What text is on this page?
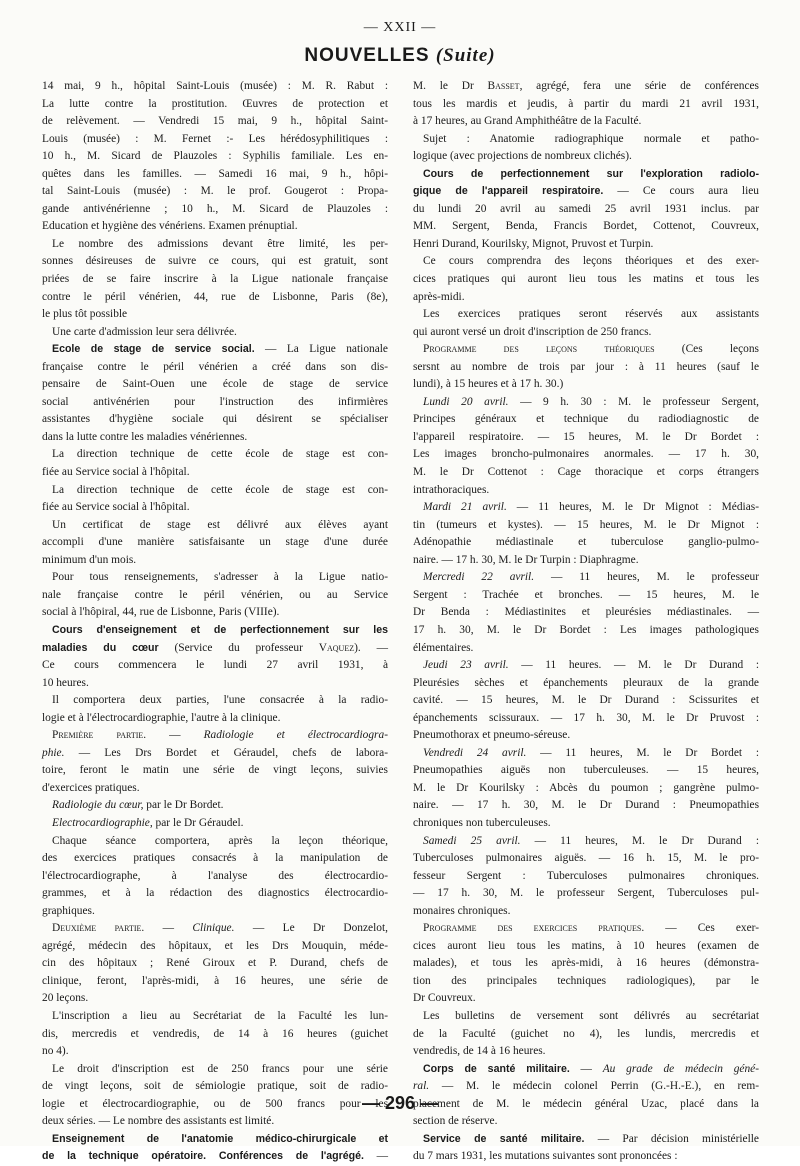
— XXII —
NOUVELLES (Suite)
14 mai, 9 h., hôpital Saint-Louis (musée) : M. R. Rabut :
La lutte contre la prostitution. Œuvres de protection et
de relèvement. — Vendredi 15 mai, 9 h., hôpital Saint-
Louis (musée) : M. Fernet :- Les hérédosyphilitiques :
10 h., M. Sicard de Plauzoles : Syphilis familiale. Les en-
quêtes dans les familles. — Samedi 16 mai, 9 h., hôpi-
tal Saint-Louis (musée) : M. le prof. Gougerot : Propa-
gande antivénérienne ; 10 h., M. Sicard de Plauzoles :
Education et hygiène des vénériens. Examen prénuptial.
Le nombre des admissions devant être limité, les per-
sonnes désireuses de suivre ce cours, qui est gratuit, sont
priées de se faire inscrire à la Ligue nationale française
contre le péril vénérien, 44, rue de Lisbonne, Paris (8e),
le plus tôt possible
Une carte d'admission leur sera délivrée.
Ecole de stage de service social. — La Ligue nationale
française contre le péril vénérien a créé dans son dis-
pensaire de Saint-Ouen une école de stage de service
social antivénérien pour l'instruction des infirmières
assistantes d'hygiène sociale qui désirent se spécialiser
dans la lutte contre les maladies vénériennes.
La direction technique de cette école de stage est con-
fiée au Service social à l'hôpital.
La direction technique de cette école de stage est con-
fiée au Service social à l'hôpital.
Un certificat de stage est délivré aux élèves ayant
accompli d'une manière satisfaisante un stage d'une durée
minimum d'un mois.
Pour tous renseignements, s'adresser à la Ligue natio-
nale française contre le péril vénérien, ou au Service
social à l'hôpiral, 44, rue de Lisbonne, Paris (VIIIe).
Cours d'enseignement et de perfectionnement sur les
maladies du cœur (Service du professeur Vaquez). —
Ce cours commencera le lundi 27 avril 1931, à
10 heures.
Il comportera deux parties, l'une consacrée à la radio-
logie et à l'électrocardiographie, l'autre à la clinique.
Première partie. — Radiologie et électrocardiogra-
phie. — Les Drs Bordet et Géraudel, chefs de labora-
toire, feront le matin une série de vingt leçons, suivies
d'exercices pratiques.
Radiologie du cœur, par le Dr Bordet.
Electrocardiographie, par le Dr Géraudel.
Chaque séance comportera, après la leçon théorique,
des exercices pratiques consacrés à la manipulation de
l'électrocardiographe, à l'analyse des électrocardio-
grammes, et à la rédaction des diagnostics électrocardio-
graphiques.
Deuxième partie. — Clinique. — Le Dr Donzelot,
agrégé, médecin des hôpitaux, et les Drs Mouquin, méde-
cin des hôpitaux ; René Giroux et P. Durand, chefs de
clinique, feront, l'après-midi, à 16 heures, une série de
20 leçons.
L'inscription a lieu au Secrétariat de la Faculté les lun-
dis, mercredis et vendredis, de 14 à 16 heures (guichet
no 4).
Le droit d'inscription est de 250 francs pour une série
de vingt leçons, soit de sémiologie pratique, soit de radio-
logie et électrocardiographie, ou de 500 francs pour les
deux séries. — Le nombre des assistants est limité.
Enseignement de l'anatomie médico-chirurgicale et
de la technique opératoire. Conférences de l'agrégé. —
M. le Dr Basset, agrégé, fera une série de conférences
tous les mardis et jeudis, à partir du mardi 21 avril 1931,
à 17 heures, au Grand Amphithéâtre de la Faculté.
Sujet : Anatomie radiographique normale et patho-
logique (avec projections de nombreux clichés).
Cours de perfectionnement sur l'exploration radiolo-
gique de l'appareil respiratoire. — Ce cours aura lieu
du lundi 20 avril au samedi 25 avril 1931 inclus. par
MM. Sergent, Benda, Francis Bordet, Cottenot, Couvreux,
Henri Durand, Kourilsky, Mignot, Pruvost et Turpin.
Ce cours comprendra des leçons théoriques et des exer-
cices pratiques qui auront lieu tous les matins et tous les
après-midi.
Les exercices pratiques seront réservés aux assistants
qui auront versé un droit d'inscription de 250 francs.
Programme des leçons théoriques (Ces leçons
sersnt au nombre de trois par jour : à 11 heures (sauf le
lundi), à 15 heures et à 17 h. 30.)
Lundi 20 avril. — 9 h. 30 : M. le professeur Sergent,
Principes généraux et technique du radiodiagnostic de
l'appareil respiratoire. — 15 heures, M. le Dr Bordet :
Les images broncho-pulmonaires anormales. — 17 h. 30,
M. le Dr Cottenot : Cage thoracique et corps étrangers
intrathoraciques.
Mardi 21 avril. — 11 heures, M. le Dr Mignot : Médias-
tin (tumeurs et kystes). — 15 heures, M. le Dr Mignot :
Adénopathie médiastinale et tuberculose ganglio-pulmo-
naire. — 17 h. 30, M. le Dr Turpin : Diaphragme.
Mercredi 22 avril. — 11 heures, M. le professeur
Sergent : Trachée et bronches. — 15 heures, M. le
Dr Benda : Médiastinites et pleurésies médiastinales. —
17 h. 30, M. le Dr Bordet : Les images pathologiques
élémentaires.
Jeudi 23 avril. — 11 heures. — M. le Dr Durand :
Pleurésies sèches et épanchements pleuraux de la grande
cavité. — 15 heures, M. le Dr Durand : Scissurites et
épanchements scissuraux. — 17 h. 30, M. le Dr Pruvost :
Pneumothorax et pneumo-séreuse.
Vendredi 24 avril. — 11 heures, M. le Dr Bordet :
Pneumopathies aiguës non tuberculeuses. — 15 heures,
M. le Dr Kourilsky : Abcès du poumon ; gangrène pulmo-
naire. — 17 h. 30, M. le Dr Durand : Pneumopathies
chroniques non tuberculeuses.
Samedi 25 avril. — 11 heures, M. le Dr Durand :
Tuberculoses pulmonaires aiguës. — 16 h. 15, M. le pro-
fesseur Sergent : Tuberculoses pulmonaires chroniques.
— 17 h. 30, M. le professeur Sergent, Tuberculoses pul-
monaires chroniques.
Programme des exercices pratiques. — Ces exer-
cices auront lieu tous les matins, à 10 heures (examen de
malades), et tous les après-midi, à 16 heures (démonstra-
tion des principales techniques radiologiques), par le
Dr Couvreux.
Les bulletins de versement sont délivrés au secrétariat
de la Faculté (guichet no 4), les lundis, mercredis et
vendredis, de 14 à 16 heures.
Corps de santé militaire. — Au grade de médecin géné-
ral. — M. le médecin colonel Perrin (G.-H.-E.), en rem-
placement de M. le médecin général Uzac, placé dans la
section de réserve.
Service de santé militaire. — Par décision ministérielle
du 7 mars 1931, les mutations suivantes sont prononcées :
— 296 —
